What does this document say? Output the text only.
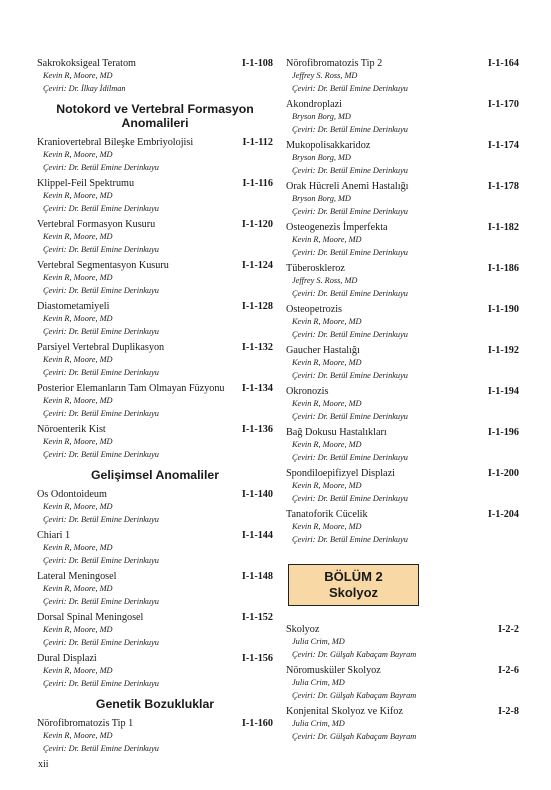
Sakrokoksigeal Teratom	I-1-108
Kevin R, Moore, MD
Çeviri: Dr. İlkay İdilman
Notokord ve Vertebral Formasyon
Anomalileri
Kraniovertebral Bileşke Embriyolojisi	I-1-112
Kevin R, Moore, MD
Çeviri: Dr. Betül Emine Derinkuyu
Klippel-Feil Spektrumu	I-1-116
Kevin R, Moore, MD
Çeviri: Dr. Betül Emine Derinkuyu
Vertebral Formasyon Kusuru	I-1-120
Kevin R, Moore, MD
Çeviri: Dr. Betül Emine Derinkuyu
Vertebral Segmentasyon Kusuru	I-1-124
Kevin R, Moore, MD
Çeviri: Dr. Betül Emine Derinkuyu
Diastometamiyeli	I-1-128
Kevin R, Moore, MD
Çeviri: Dr. Betül Emine Derinkuyu
Parsiyel Vertebral Duplikasyon	I-1-132
Kevin R, Moore, MD
Çeviri: Dr. Betül Emine Derinkuyu
Posterior Elemanların Tam Olmayan Füzyonu	I-1-134
Kevin R, Moore, MD
Çeviri: Dr. Betül Emine Derinkuyu
Nöroenterik Kist	I-1-136
Kevin R, Moore, MD
Çeviri: Dr. Betül Emine Derinkuyu
Gelişimsel Anomaliler
Os Odontoideum	I-1-140
Kevin R, Moore, MD
Çeviri: Dr. Betül Emine Derinkuyu
Chiari 1	I-1-144
Kevin R, Moore, MD
Çeviri: Dr. Betül Emine Derinkuyu
Lateral Meningosel	I-1-148
Kevin R, Moore, MD
Çeviri: Dr. Betül Emine Derinkuyu
Dorsal Spinal Meningosel	I-1-152
Kevin R, Moore, MD
Çeviri: Dr. Betül Emine Derinkuyu
Dural Displazi	I-1-156
Kevin R, Moore, MD
Çeviri: Dr. Betül Emine Derinkuyu
Genetik Bozukluklar
Nörofibromatozis Tip 1	I-1-160
Kevin R, Moore, MD
Çeviri: Dr. Betül Emine Derinkuyu
Nörofibromatozis Tip 2	I-1-164
Jeffrey S. Ross, MD
Çeviri: Dr. Betül Emine Derinkuyu
Akondroplazi	I-1-170
Bryson Borg, MD
Çeviri: Dr. Betül Emine Derinkuyu
Mukopolisakkaridoz	I-1-174
Bryson Borg, MD
Çeviri: Dr. Betül Emine Derinkuyu
Orak Hücreli Anemi Hastalığı	I-1-178
Bryson Borg, MD
Çeviri: Dr. Betül Emine Derinkuyu
Osteogenezis İmperfekta	I-1-182
Kevin R, Moore, MD
Çeviri: Dr. Betül Emine Derinkuyu
Tüberoskleroz	I-1-186
Jeffrey S. Ross, MD
Çeviri: Dr. Betül Emine Derinkuyu
Osteopetrozis	I-1-190
Kevin R, Moore, MD
Çeviri: Dr. Betül Emine Derinkuyu
Gaucher Hastalığı	I-1-192
Kevin R, Moore, MD
Çeviri: Dr. Betül Emine Derinkuyu
Okronozis	I-1-194
Kevin R, Moore, MD
Çeviri: Dr. Betül Emine Derinkuyu
Bağ Dokusu Hastalıkları	I-1-196
Kevin R, Moore, MD
Çeviri: Dr. Betül Emine Derinkuyu
Spondiloepifizyel Displazi	I-1-200
Kevin R, Moore, MD
Çeviri: Dr. Betül Emine Derinkuyu
Tanatoforik Cücelik	I-1-204
Kevin R, Moore, MD
Çeviri: Dr. Betül Emine Derinkuyu
BÖLÜM 2
Skolyoz
Skolyoz	I-2-2
Julia Crim, MD
Çeviri: Dr. Gülşah Kabaçam Bayram
Nöromusküler Skolyoz	I-2-6
Julia Crim, MD
Çeviri: Dr. Gülşah Kabaçam Bayram
Konjenital Skolyoz ve Kifoz	I-2-8
Julia Crim, MD
Çeviri: Dr. Gülşah Kabaçam Bayram
xii
